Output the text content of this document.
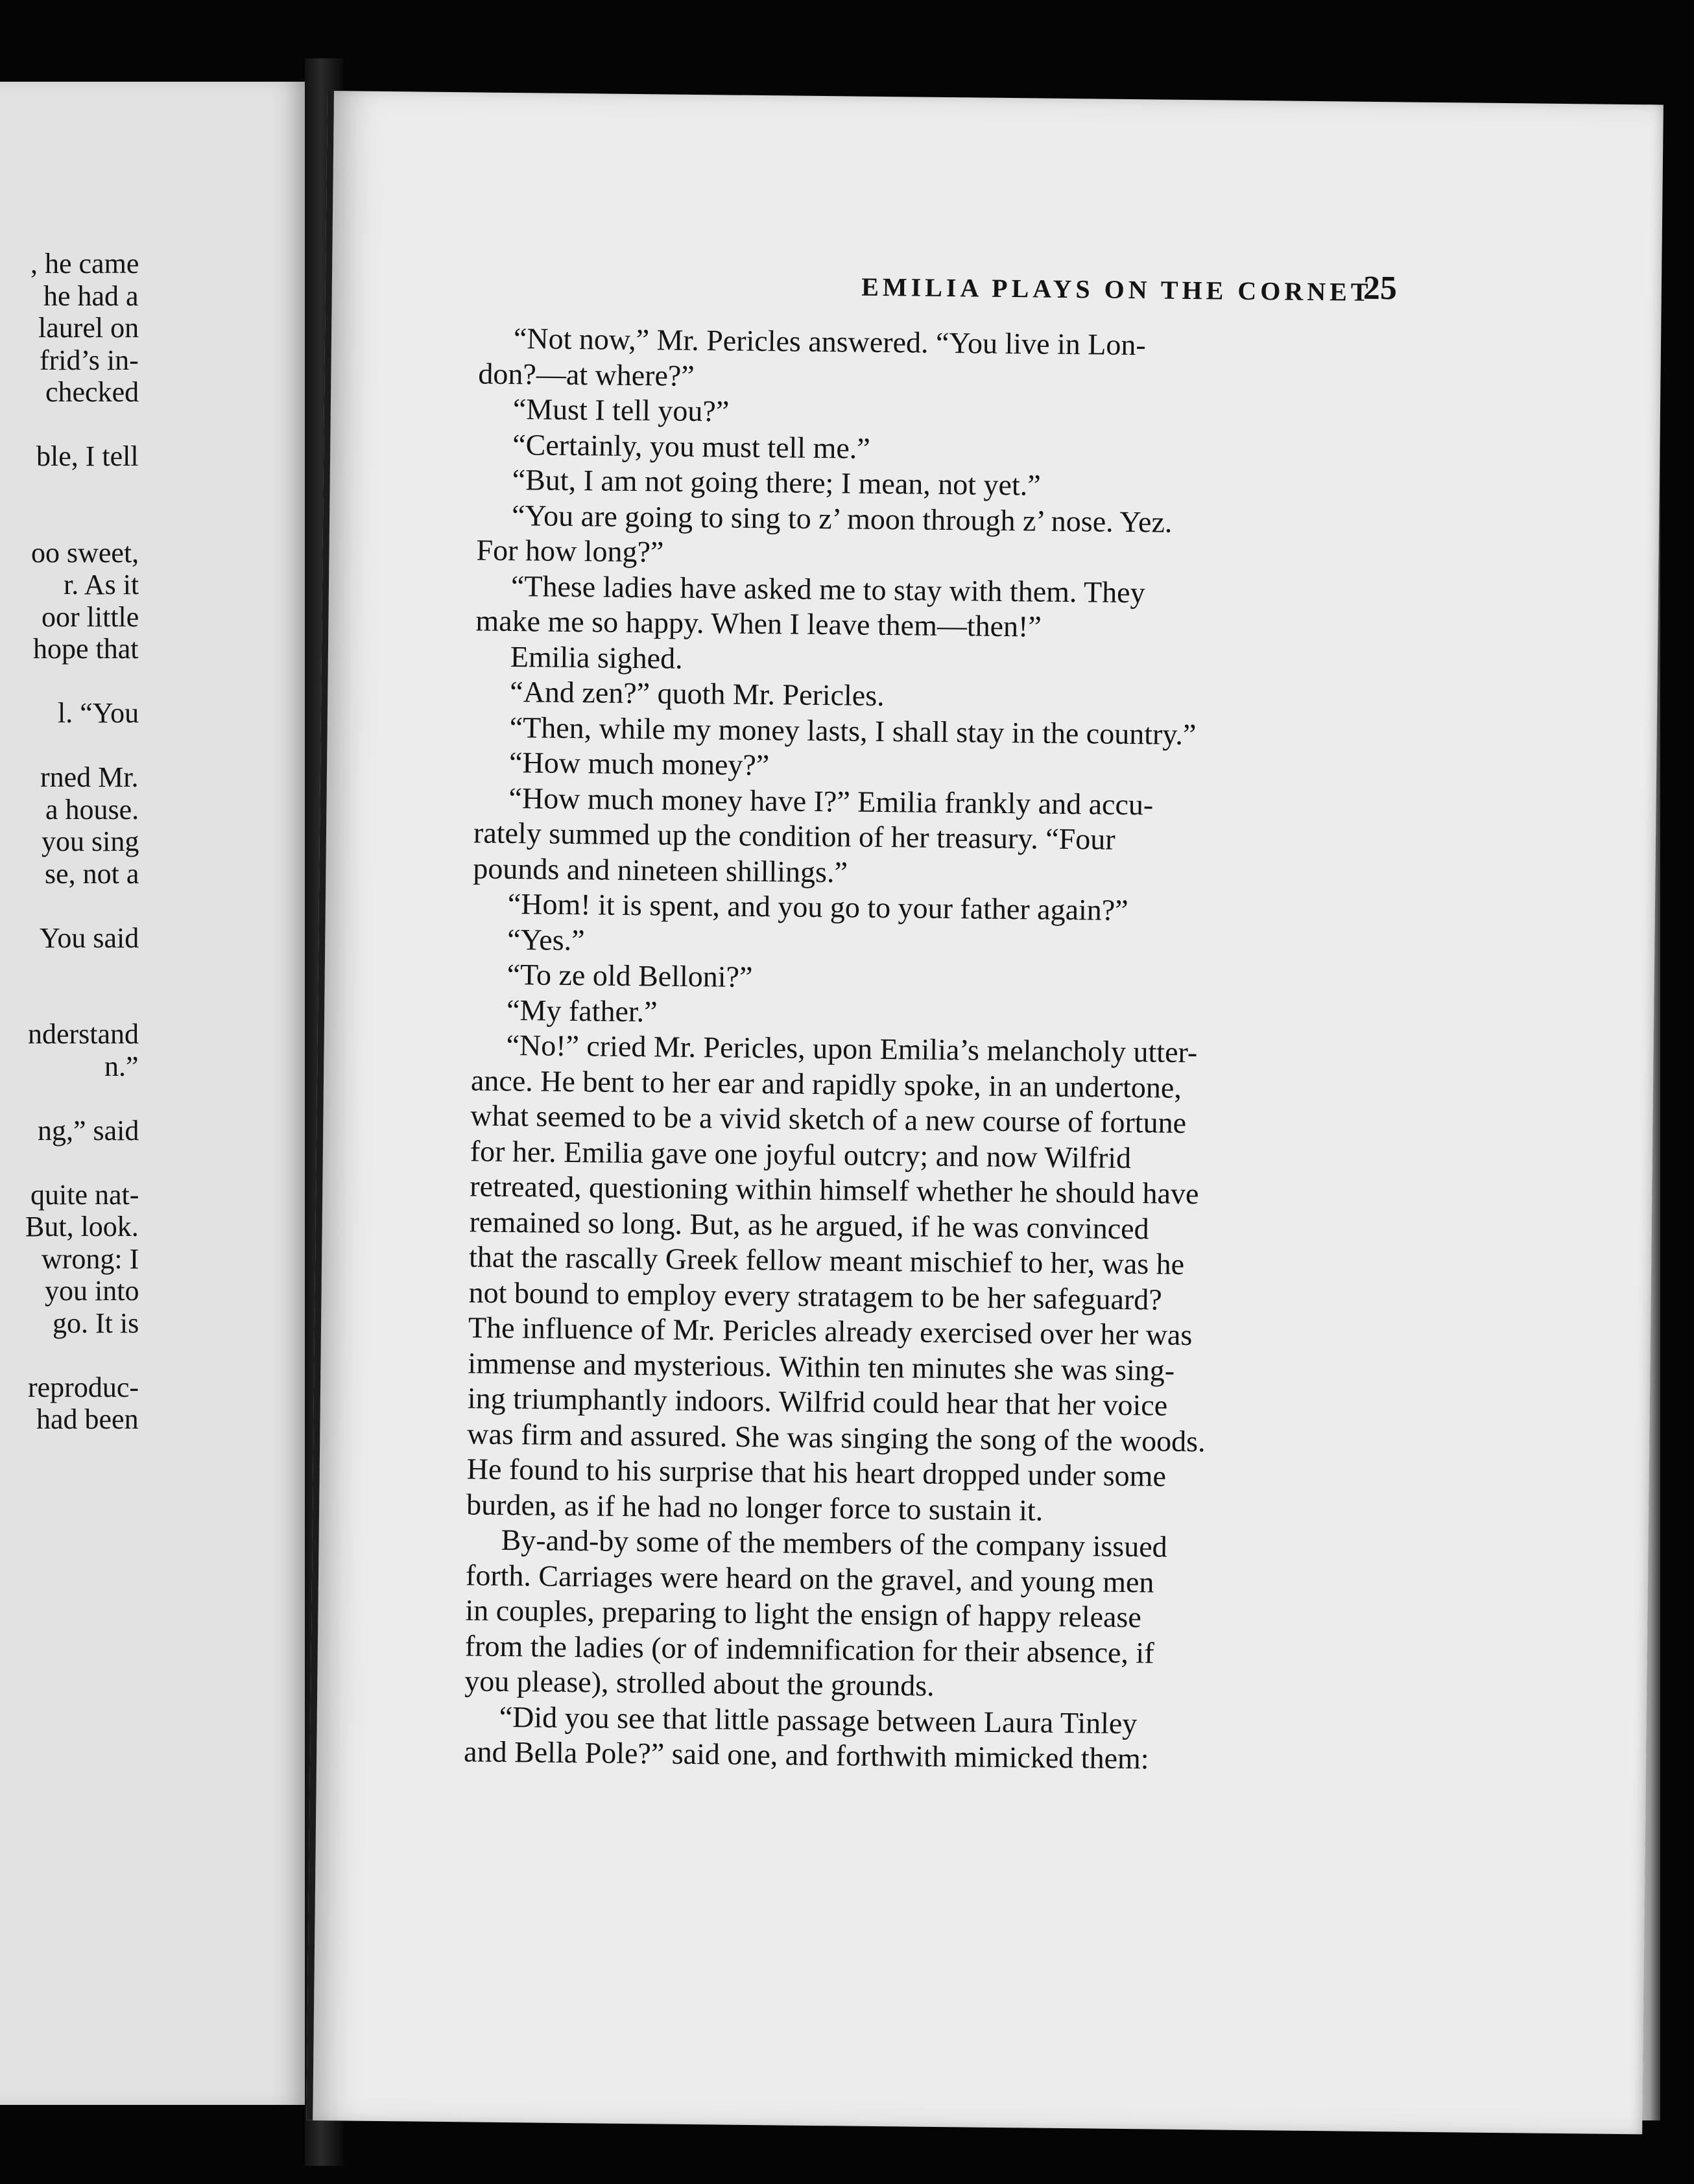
, he came
he had a
laurel on
frid’s in-
checked
ble, I tell
oo sweet,
r. As it
oor little
hope that
l. “You
rned Mr.
a house.
you sing
se, not a
You said
nderstand
n.”
ng,” said
quite nat-
But, look.
wrong: I
you into
go. It is
reproduc-
had been
EMILIA PLAYS ON THE CORNET
25
“Not now,” Mr. Pericles answered. “You live in Lon-
don?—at where?”
“Must I tell you?”
“Certainly, you must tell me.”
“But, I am not going there; I mean, not yet.”
“You are going to sing to z’ moon through z’ nose. Yez.
For how long?”
“These ladies have asked me to stay with them. They
make me so happy. When I leave them—then!”
Emilia sighed.
“And zen?” quoth Mr. Pericles.
“Then, while my money lasts, I shall stay in the country.”
“How much money?”
“How much money have I?” Emilia frankly and accu-
rately summed up the condition of her treasury. “Four
pounds and nineteen shillings.”
“Hom! it is spent, and you go to your father again?”
“Yes.”
“To ze old Belloni?”
“My father.”
“No!” cried Mr. Pericles, upon Emilia’s melancholy utter-
ance. He bent to her ear and rapidly spoke, in an undertone,
what seemed to be a vivid sketch of a new course of fortune
for her. Emilia gave one joyful outcry; and now Wilfrid
retreated, questioning within himself whether he should have
remained so long. But, as he argued, if he was convinced
that the rascally Greek fellow meant mischief to her, was he
not bound to employ every stratagem to be her safeguard?
The influence of Mr. Pericles already exercised over her was
immense and mysterious. Within ten minutes she was sing-
ing triumphantly indoors. Wilfrid could hear that her voice
was firm and assured. She was singing the song of the woods.
He found to his surprise that his heart dropped under some
burden, as if he had no longer force to sustain it.
By-and-by some of the members of the company issued
forth. Carriages were heard on the gravel, and young men
in couples, preparing to light the ensign of happy release
from the ladies (or of indemnification for their absence, if
you please), strolled about the grounds.
“Did you see that little passage between Laura Tinley
and Bella Pole?” said one, and forthwith mimicked them:
